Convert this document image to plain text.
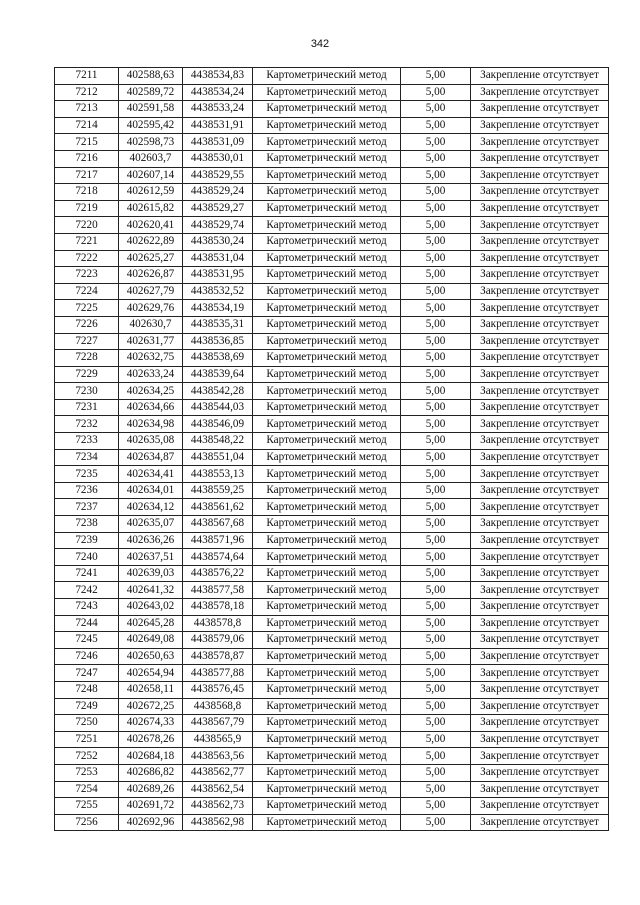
342
7211	402588,63	4438534,83	Картометрический метод	5,00	Закрепление отсутствует
7212	402589,72	4438534,24	Картометрический метод	5,00	Закрепление отсутствует
7213	402591,58	4438533,24	Картометрический метод	5,00	Закрепление отсутствует
7214	402595,42	4438531,91	Картометрический метод	5,00	Закрепление отсутствует
7215	402598,73	4438531,09	Картометрический метод	5,00	Закрепление отсутствует
7216	402603,7	4438530,01	Картометрический метод	5,00	Закрепление отсутствует
7217	402607,14	4438529,55	Картометрический метод	5,00	Закрепление отсутствует
7218	402612,59	4438529,24	Картометрический метод	5,00	Закрепление отсутствует
7219	402615,82	4438529,27	Картометрический метод	5,00	Закрепление отсутствует
7220	402620,41	4438529,74	Картометрический метод	5,00	Закрепление отсутствует
7221	402622,89	4438530,24	Картометрический метод	5,00	Закрепление отсутствует
7222	402625,27	4438531,04	Картометрический метод	5,00	Закрепление отсутствует
7223	402626,87	4438531,95	Картометрический метод	5,00	Закрепление отсутствует
7224	402627,79	4438532,52	Картометрический метод	5,00	Закрепление отсутствует
7225	402629,76	4438534,19	Картометрический метод	5,00	Закрепление отсутствует
7226	402630,7	4438535,31	Картометрический метод	5,00	Закрепление отсутствует
7227	402631,77	4438536,85	Картометрический метод	5,00	Закрепление отсутствует
7228	402632,75	4438538,69	Картометрический метод	5,00	Закрепление отсутствует
7229	402633,24	4438539,64	Картометрический метод	5,00	Закрепление отсутствует
7230	402634,25	4438542,28	Картометрический метод	5,00	Закрепление отсутствует
7231	402634,66	4438544,03	Картометрический метод	5,00	Закрепление отсутствует
7232	402634,98	4438546,09	Картометрический метод	5,00	Закрепление отсутствует
7233	402635,08	4438548,22	Картометрический метод	5,00	Закрепление отсутствует
7234	402634,87	4438551,04	Картометрический метод	5,00	Закрепление отсутствует
7235	402634,41	4438553,13	Картометрический метод	5,00	Закрепление отсутствует
7236	402634,01	4438559,25	Картометрический метод	5,00	Закрепление отсутствует
7237	402634,12	4438561,62	Картометрический метод	5,00	Закрепление отсутствует
7238	402635,07	4438567,68	Картометрический метод	5,00	Закрепление отсутствует
7239	402636,26	4438571,96	Картометрический метод	5,00	Закрепление отсутствует
7240	402637,51	4438574,64	Картометрический метод	5,00	Закрепление отсутствует
7241	402639,03	4438576,22	Картометрический метод	5,00	Закрепление отсутствует
7242	402641,32	4438577,58	Картометрический метод	5,00	Закрепление отсутствует
7243	402643,02	4438578,18	Картометрический метод	5,00	Закрепление отсутствует
7244	402645,28	4438578,8	Картометрический метод	5,00	Закрепление отсутствует
7245	402649,08	4438579,06	Картометрический метод	5,00	Закрепление отсутствует
7246	402650,63	4438578,87	Картометрический метод	5,00	Закрепление отсутствует
7247	402654,94	4438577,88	Картометрический метод	5,00	Закрепление отсутствует
7248	402658,11	4438576,45	Картометрический метод	5,00	Закрепление отсутствует
7249	402672,25	4438568,8	Картометрический метод	5,00	Закрепление отсутствует
7250	402674,33	4438567,79	Картометрический метод	5,00	Закрепление отсутствует
7251	402678,26	4438565,9	Картометрический метод	5,00	Закрепление отсутствует
7252	402684,18	4438563,56	Картометрический метод	5,00	Закрепление отсутствует
7253	402686,82	4438562,77	Картометрический метод	5,00	Закрепление отсутствует
7254	402689,26	4438562,54	Картометрический метод	5,00	Закрепление отсутствует
7255	402691,72	4438562,73	Картометрический метод	5,00	Закрепление отсутствует
7256	402692,96	4438562,98	Картометрический метод	5,00	Закрепление отсутствует
